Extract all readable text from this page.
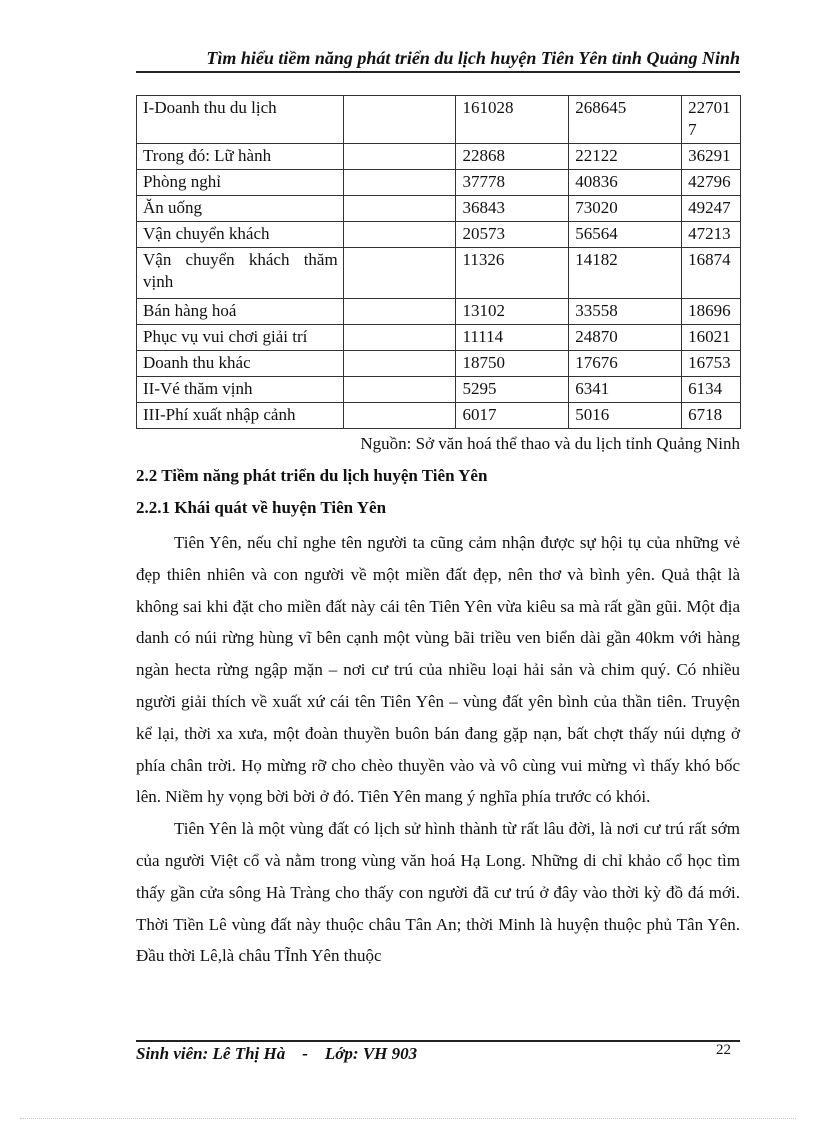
Tìm hiểu tiềm năng phát triển du lịch huyện Tiên Yên tỉnh Quảng Ninh
I-Doanh thu du lịch		161028	268645	227017
Trong đó: Lữ hành		22868	22122	36291
Phòng nghỉ		37778	40836	42796
Ăn uống		36843	73020	49247
Vận chuyển khách		20573	56564	47213
Vận chuyển khách thăm vịnh		11326	14182	16874
Bán hàng hoá		13102	33558	18696
Phục vụ vui chơi giải trí		11114	24870	16021
Doanh thu khác		18750	17676	16753
II-Vé thăm vịnh		5295	6341	6134
III-Phí xuất nhập cảnh		6017	5016	6718
Nguồn: Sở văn hoá thể thao và du lịch tỉnh Quảng Ninh
2.2 Tiềm năng phát triển du lịch huyện Tiên Yên
2.2.1 Khái quát về huyện Tiên Yên

Tiên Yên, nếu chỉ nghe tên người ta cũng cảm nhận được sự hội tụ của những vẻ đẹp thiên nhiên và con người về một miền đất đẹp, nên thơ và bình yên. Quả thật là không sai khi đặt cho miền đất này cái tên Tiên Yên vừa kiêu sa mà rất gần gũi. Một địa danh có núi rừng hùng vĩ bên cạnh một vùng bãi triều ven biển dài gần 40km với hàng ngàn hecta rừng ngập mặn – nơi cư trú của nhiều loại hải sản và chim quý. Có nhiều người giải thích về xuất xứ cái tên Tiên Yên – vùng đất yên bình của thần tiên. Truyện kể lại, thời xa xưa, một đoàn thuyền buôn bán đang gặp nạn, bất chợt thấy núi dựng ở phía chân trời. Họ mừng rỡ cho chèo thuyền vào và vô cùng vui mừng vì thấy khó bốc lên. Niềm hy vọng bời bời ở đó. Tiên Yên mang ý nghĩa phía trước có khói.

Tiên Yên là một vùng đất có lịch sử hình thành từ rất lâu đời, là nơi cư trú rất sớm của người Việt cổ và nằm trong vùng văn hoá Hạ Long. Những di chỉ khảo cổ học tìm thấy gần cửa sông Hà Tràng cho thấy con người đã cư trú ở đây vào thời kỳ đồ đá mới. Thời Tiền Lê vùng đất này thuộc châu Tân An; thời Minh là huyện thuộc phủ Tân Yên. Đầu thời Lê,là châu TĨnh Yên thuộc

Sinh viên: Lê Thị Hà - Lớp: VH 903	22
